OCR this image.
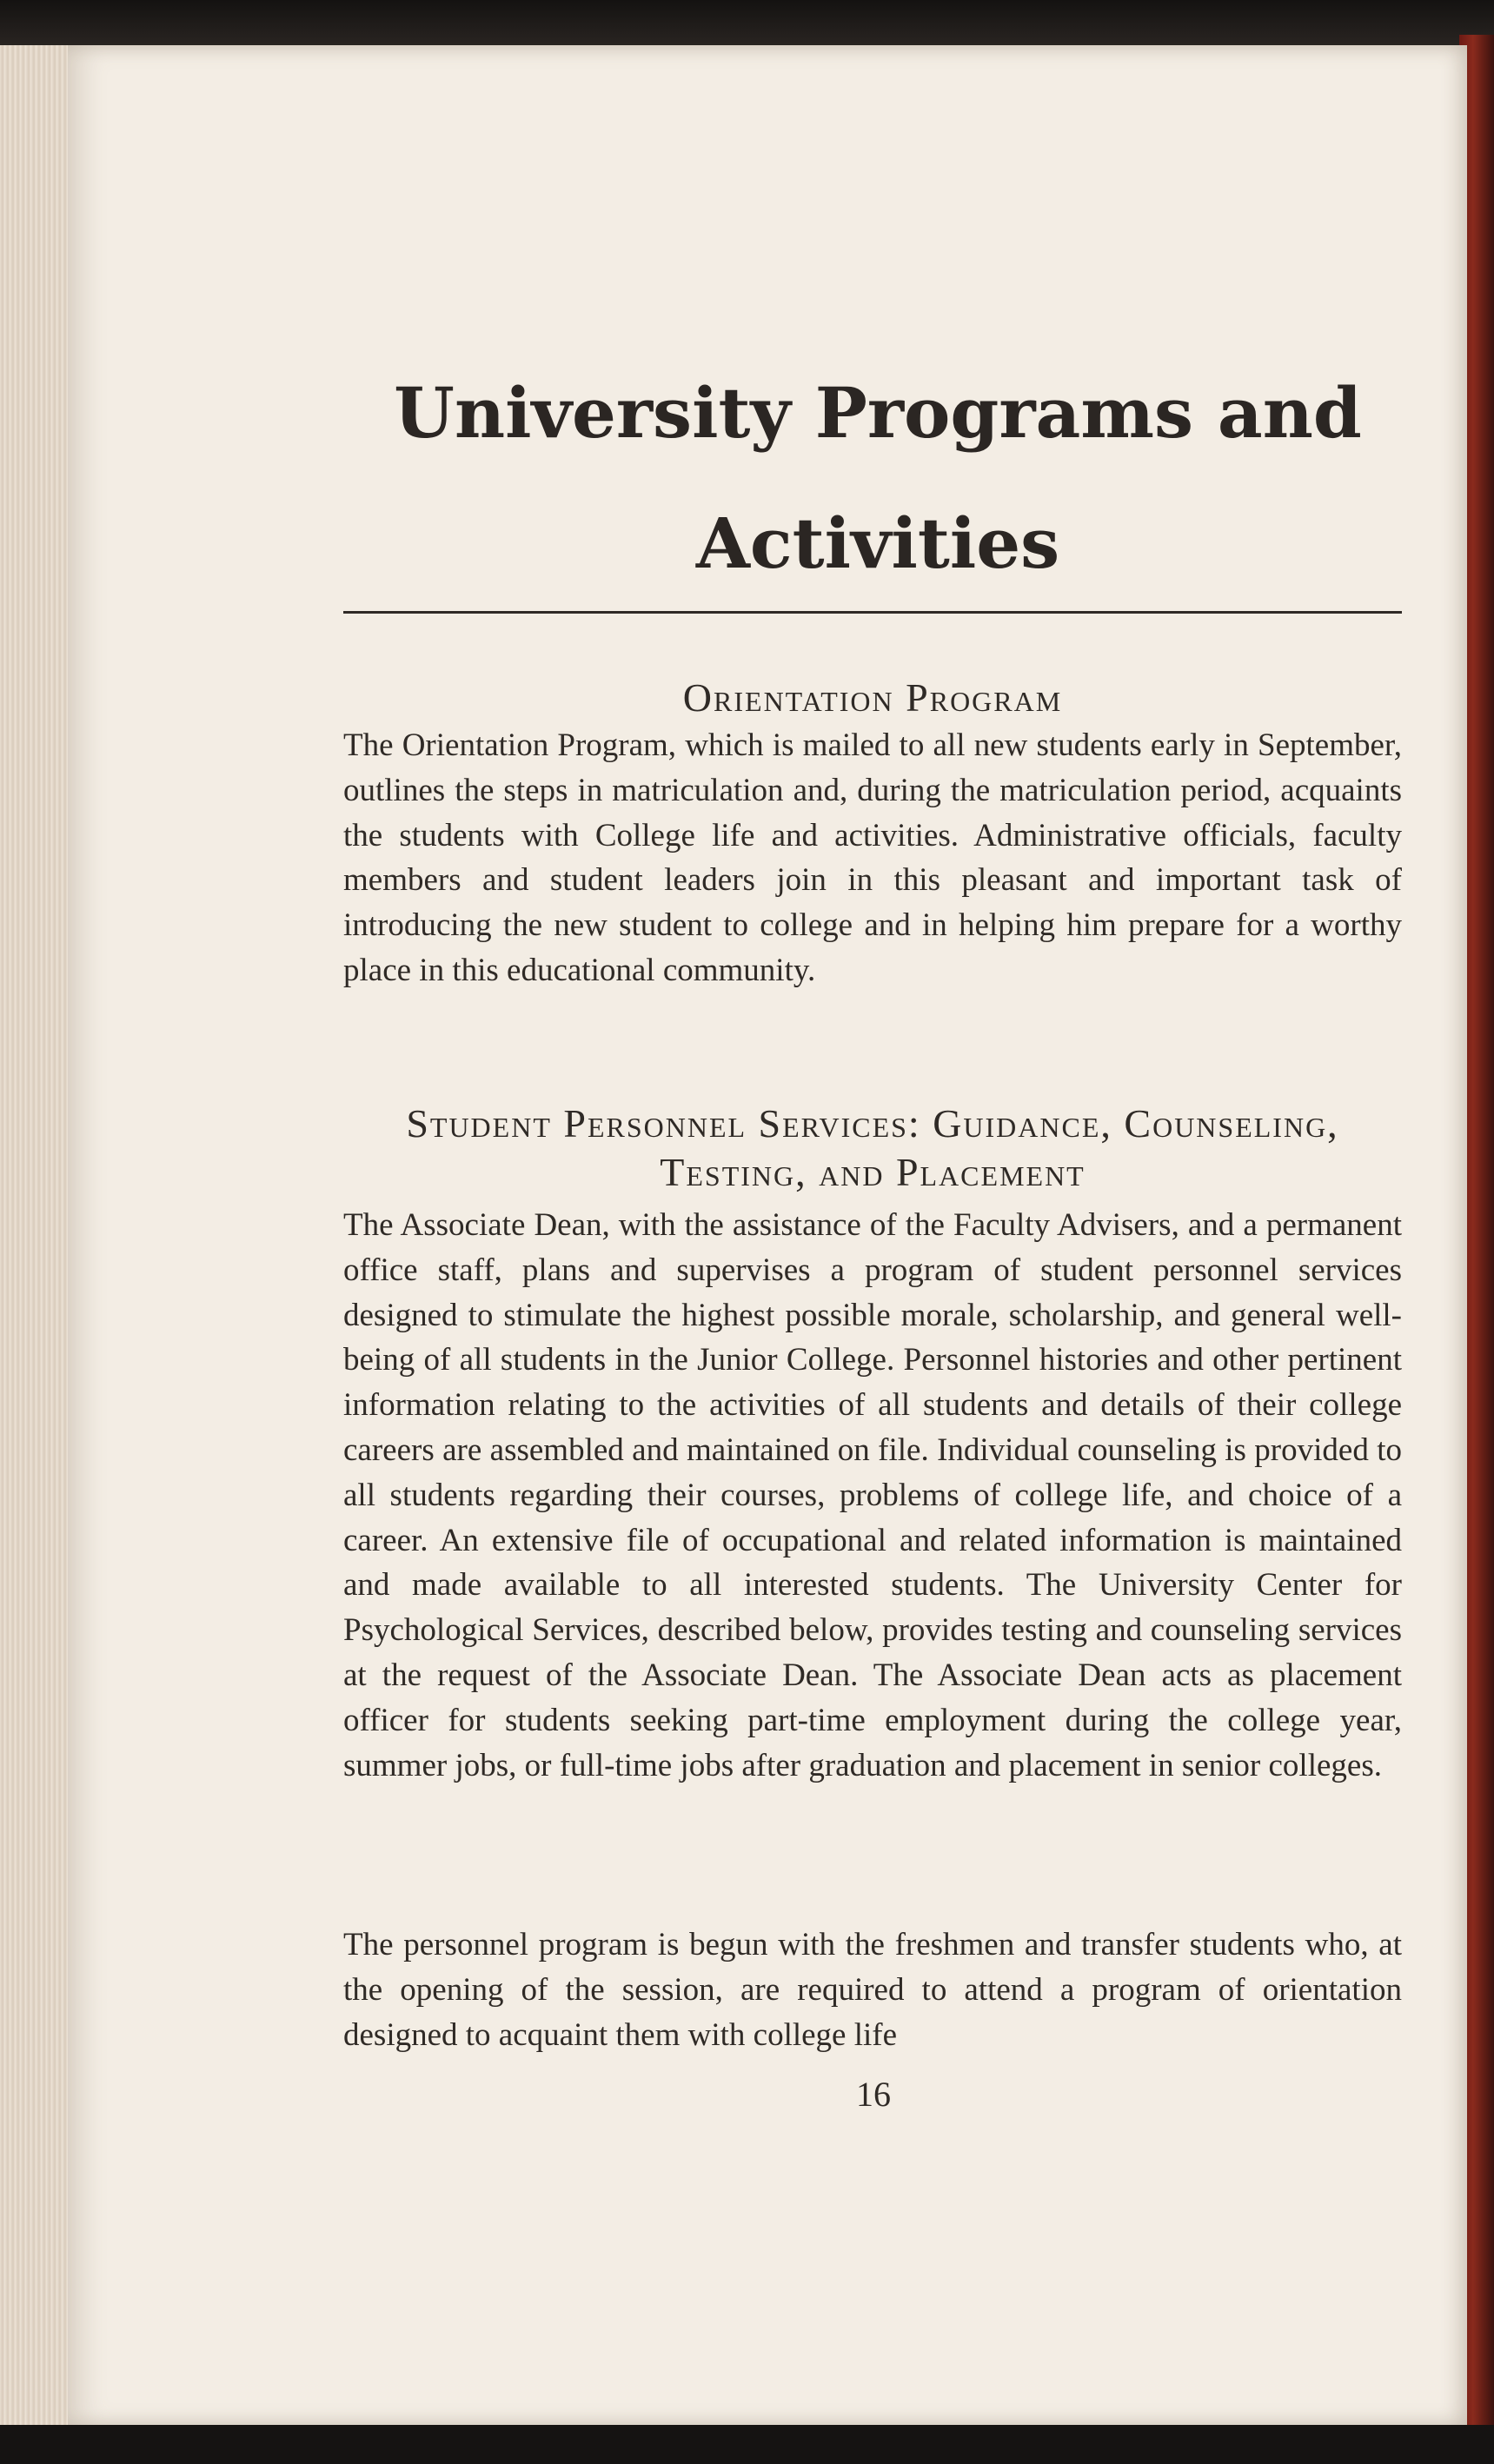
University Programs and Activities
Orientation Program

The Orientation Program, which is mailed to all new students early in September, outlines the steps in matriculation and, during the matriculation period, acquaints the students with College life and activities. Administrative officials, faculty members and student leaders join in this pleasant and important task of introducing the new student to college and in helping him prepare for a worthy place in this educational community.

Student Personnel Services: Guidance, Counseling, Testing, and Placement

The Associate Dean, with the assistance of the Faculty Advisers, and a permanent office staff, plans and supervises a program of student personnel services designed to stimulate the highest possible morale, scholarship, and general well-being of all students in the Junior College. Personnel histories and other pertinent information relating to the activities of all students and details of their college careers are assembled and maintained on file. Individual counseling is provided to all students regarding their courses, problems of college life, and choice of a career. An extensive file of occupational and related information is maintained and made available to all interested students. The University Center for Psychological Services, described below, provides testing and counseling services at the request of the Associate Dean. The Associate Dean acts as placement officer for students seeking part-time employment during the college year, summer jobs, or full-time jobs after graduation and placement in senior colleges.

The personnel program is begun with the freshmen and transfer students who, at the opening of the session, are required to attend a program of orientation designed to acquaint them with college life

16
